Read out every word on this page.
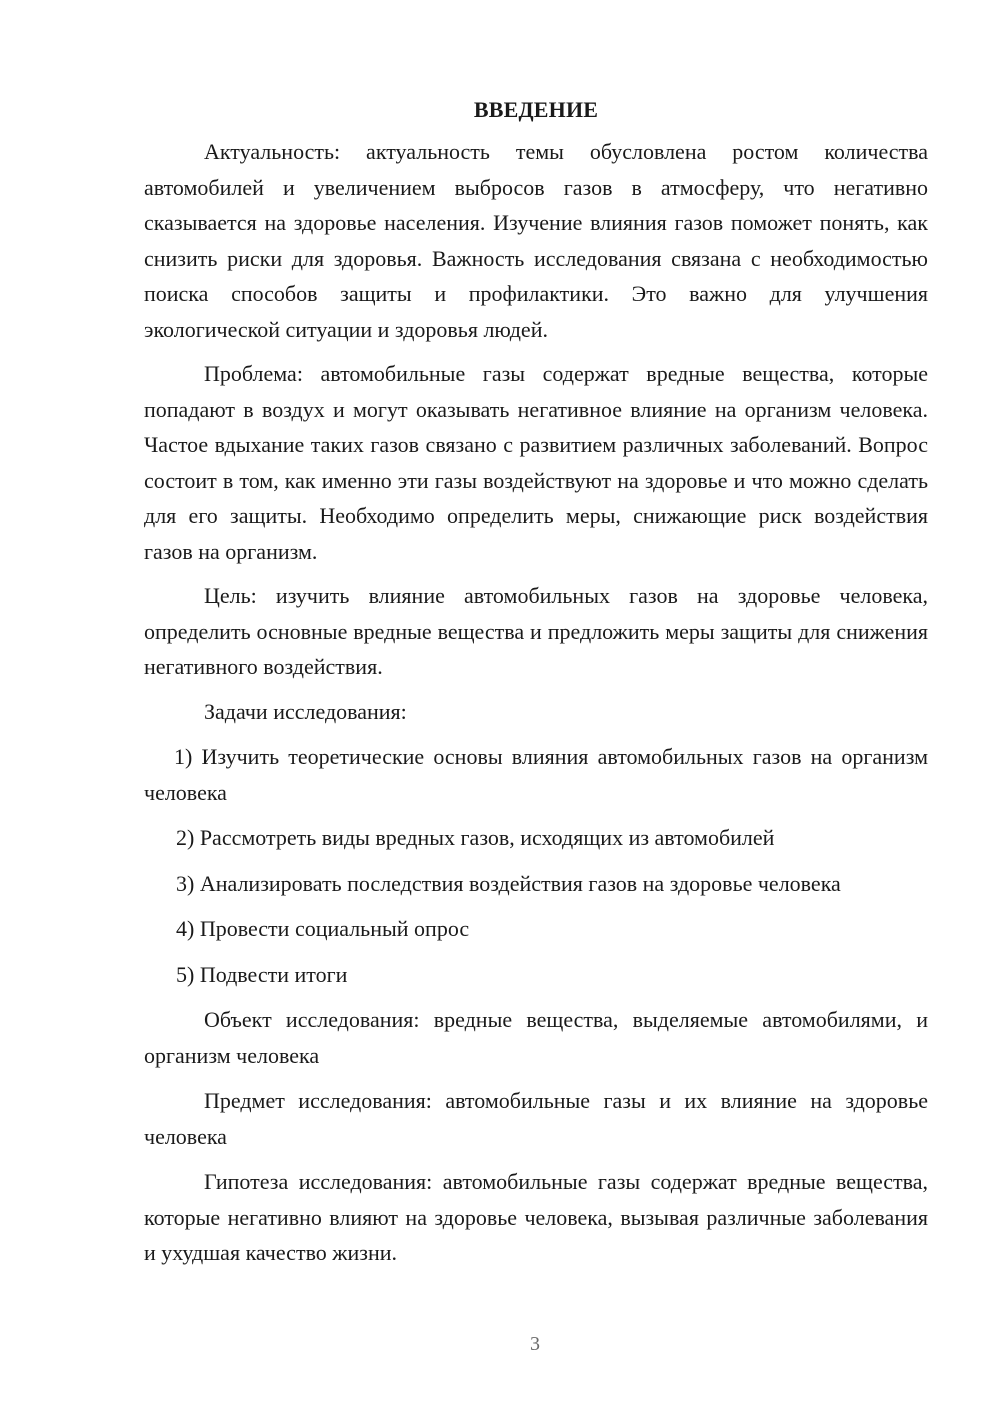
ВВЕДЕНИЕ

Актуальность: актуальность темы обусловлена ростом количества автомобилей и увеличением выбросов газов в атмосферу, что негативно сказывается на здоровье населения. Изучение влияния газов поможет понять, как снизить риски для здоровья. Важность исследования связана с необходимостью поиска способов защиты и профилактики. Это важно для улучшения экологической ситуации и здоровья людей.

Проблема: автомобильные газы содержат вредные вещества, которые попадают в воздух и могут оказывать негативное влияние на организм человека. Частое вдыхание таких газов связано с развитием различных заболеваний. Вопрос состоит в том, как именно эти газы воздействуют на здоровье и что можно сделать для его защиты. Необходимо определить меры, снижающие риск воздействия газов на организм.

Цель: изучить влияние автомобильных газов на здоровье человека, определить основные вредные вещества и предложить меры защиты для снижения негативного воздействия.

Задачи исследования:

1) Изучить теоретические основы влияния автомобильных газов на организм человека

2) Рассмотреть виды вредных газов, исходящих из автомобилей

3) Анализировать последствия воздействия газов на здоровье человека

4) Провести социальный опрос

5) Подвести итоги

Объект исследования: вредные вещества, выделяемые автомобилями, и организм человека

Предмет исследования: автомобильные газы и их влияние на здоровье человека

Гипотеза исследования: автомобильные газы содержат вредные вещества, которые негативно влияют на здоровье человека, вызывая различные заболевания и ухудшая качество жизни.

3
